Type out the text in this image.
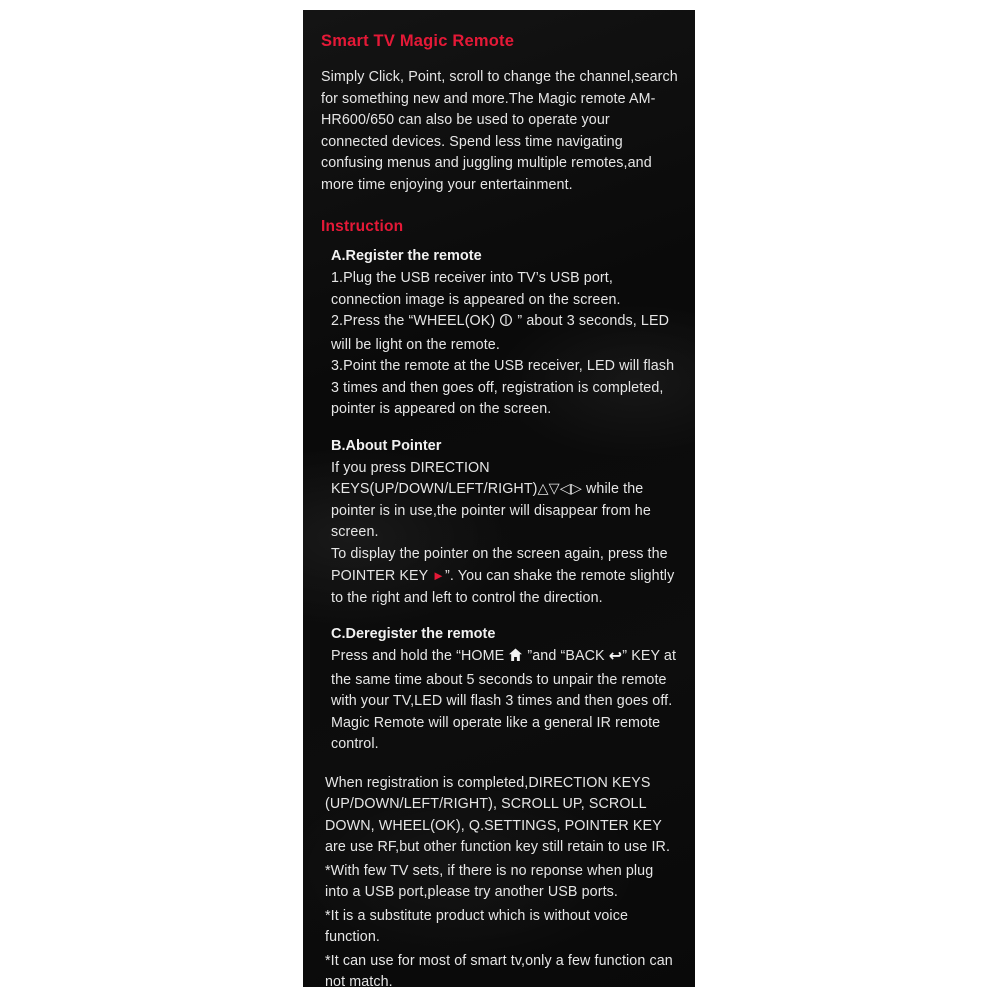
Smart TV Magic Remote

Simply Click, Point, scroll to change the channel,search for something new and more.The Magic remote AM-HR600/650 can also be used to operate your connected devices. Spend less time navigating confusing menus and juggling multiple remotes,and more time enjoying your entertainment.

Instruction
A.Register the remote

1.Plug the USB receiver into TV’s USB port, connection image is appeared on the screen.

2.Press the “WHEEL(OK)  ” about 3 seconds, LED will be light on the remote.

3.Point the remote at the USB receiver, LED will flash 3 times and then goes off, registration is completed, pointer is appeared on the screen.

B.About Pointer

If you press DIRECTION KEYS(UP/DOWN/LEFT/RIGHT)△▽◁▷ while the pointer is in use,the pointer will disappear from he screen.

To display the pointer on the screen again, press the POINTER KEY ►”. You can shake the remote slightly to the right and left to control the direction.

C.Deregister the remote

Press and hold the “HOME  ”and “BACK ↩” KEY at the same time about 5 seconds to unpair the remote with your TV,LED will flash 3 times and then goes off. Magic Remote will operate like a general IR remote control.

When registration is completed,DIRECTION KEYS (UP/DOWN/LEFT/RIGHT), SCROLL UP, SCROLL DOWN, WHEEL(OK), Q.SETTINGS, POINTER KEY are use RF,but other function key still retain to use IR.

*With few TV sets, if there is no reponse when plug into a USB port,please try another USB ports.

*It is a substitute product which is without voice function.

*It can use for most of smart tv,only a few function can not match.
